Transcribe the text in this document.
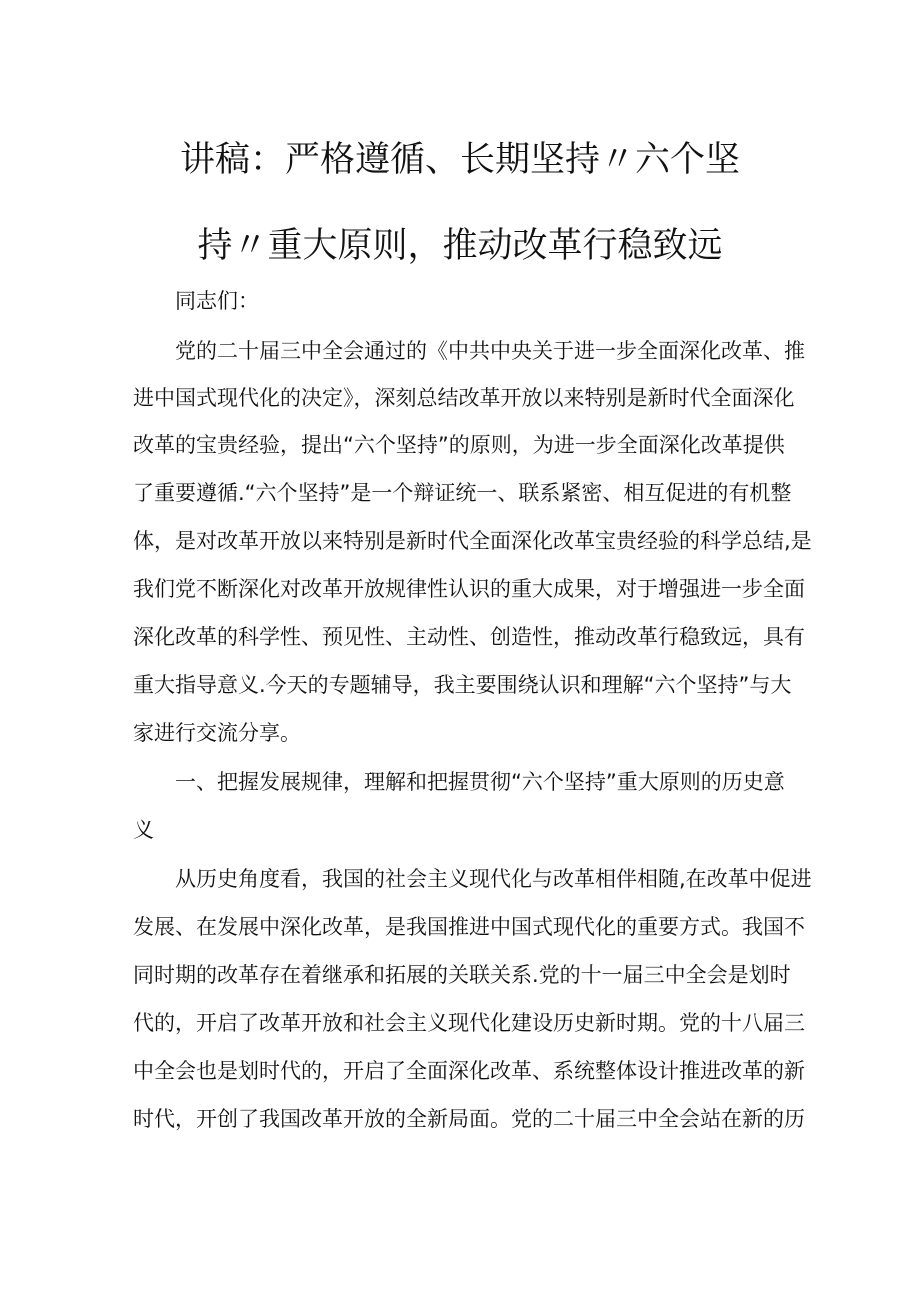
讲稿：严格遵循、长期坚持〃六个坚
持〃重大原则，推动改革行稳致远
同志们：
党的二十届三中全会通过的《中共中央关于进一步全面深化改革、推
进中国式现代化的决定》，深刻总结改革开放以来特别是新时代全面深化
改革的宝贵经验，提出“六个坚持”的原则，为进一步全面深化改革提供
了重要遵循.“六个坚持”是一个辩证统一、联系紧密、相互促进的有机整
体，是对改革开放以来特别是新时代全面深化改革宝贵经验的科学总结,是
我们党不断深化对改革开放规律性认识的重大成果，对于增强进一步全面
深化改革的科学性、预见性、主动性、创造性，推动改革行稳致远，具有
重大指导意义.今天的专题辅导，我主要围绕认识和理解“六个坚持”与大
家进行交流分享。
一、把握发展规律，理解和把握贯彻“六个坚持”重大原则的历史意
义
从历史角度看，我国的社会主义现代化与改革相伴相随,在改革中促进
发展、在发展中深化改革，是我国推进中国式现代化的重要方式。我国不
同时期的改革存在着继承和拓展的关联关系.党的十一届三中全会是划时
代的，开启了改革开放和社会主义现代化建设历史新时期。党的十八届三
中全会也是划时代的，开启了全面深化改革、系统整体设计推进改革的新
时代，开创了我国改革开放的全新局面。党的二十届三中全会站在新的历
